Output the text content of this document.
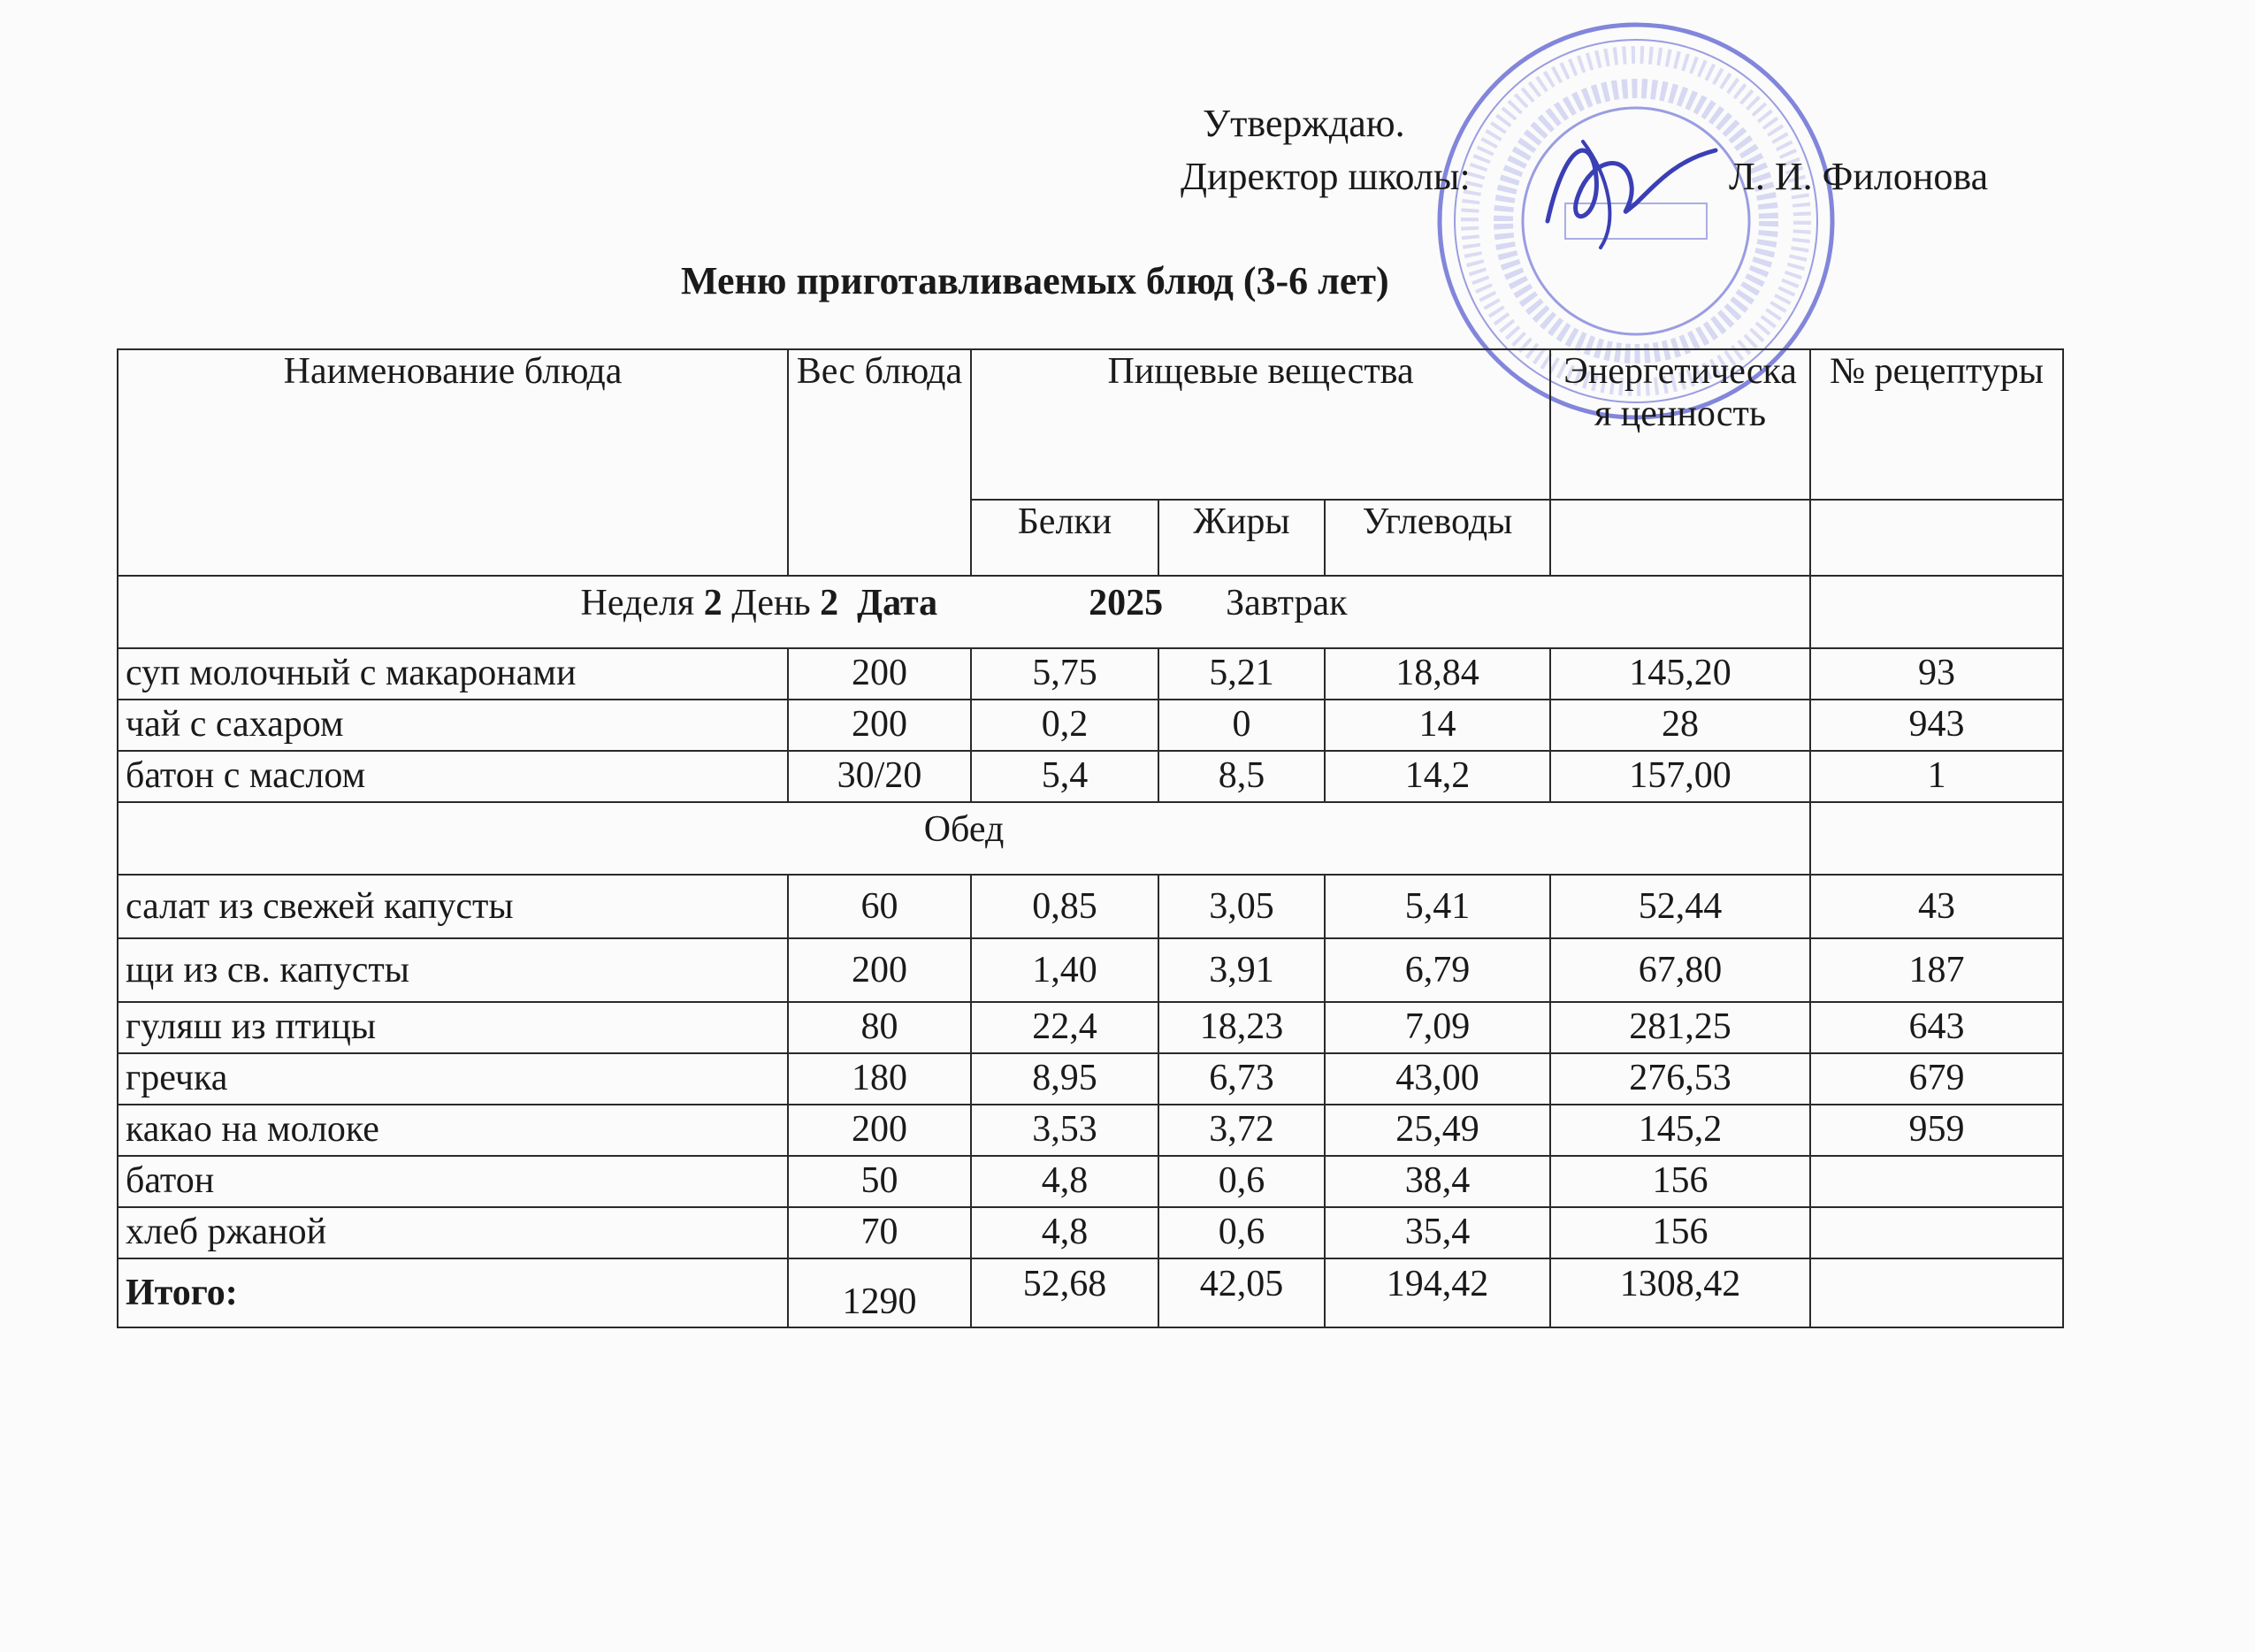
Утверждаю.
Директор школы:	Л. И. Филонова
Меню приготавливаемых блюд (3-6 лет)
Наименование блюда	Вес блюда	Пищевые вещества			Энергетическая ценность	№ рецептуры
		Белки	Жиры	Углеводы		
Неделя 2 День 2 Дата 2025 Завтрак						
суп молочный с макаронами	200	5,75	5,21	18,84	145,20	93
чай с сахаром	200	0,2	0	14	28	943
батон с маслом	30/20	5,4	8,5	14,2	157,00	1
Обед						
салат из свежей капусты	60	0,85	3,05	5,41	52,44	43
щи из св. капусты	200	1,40	3,91	6,79	67,80	187
гуляш из птицы	80	22,4	18,23	7,09	281,25	643
гречка	180	8,95	6,73	43,00	276,53	679
какао на молоке	200	3,53	3,72	25,49	145,2	959
батон	50	4,8	0,6	38,4	156	
хлеб ржаной	70	4,8	0,6	35,4	156	
Итого:	1290	52,68	42,05	194,42	1308,42	
